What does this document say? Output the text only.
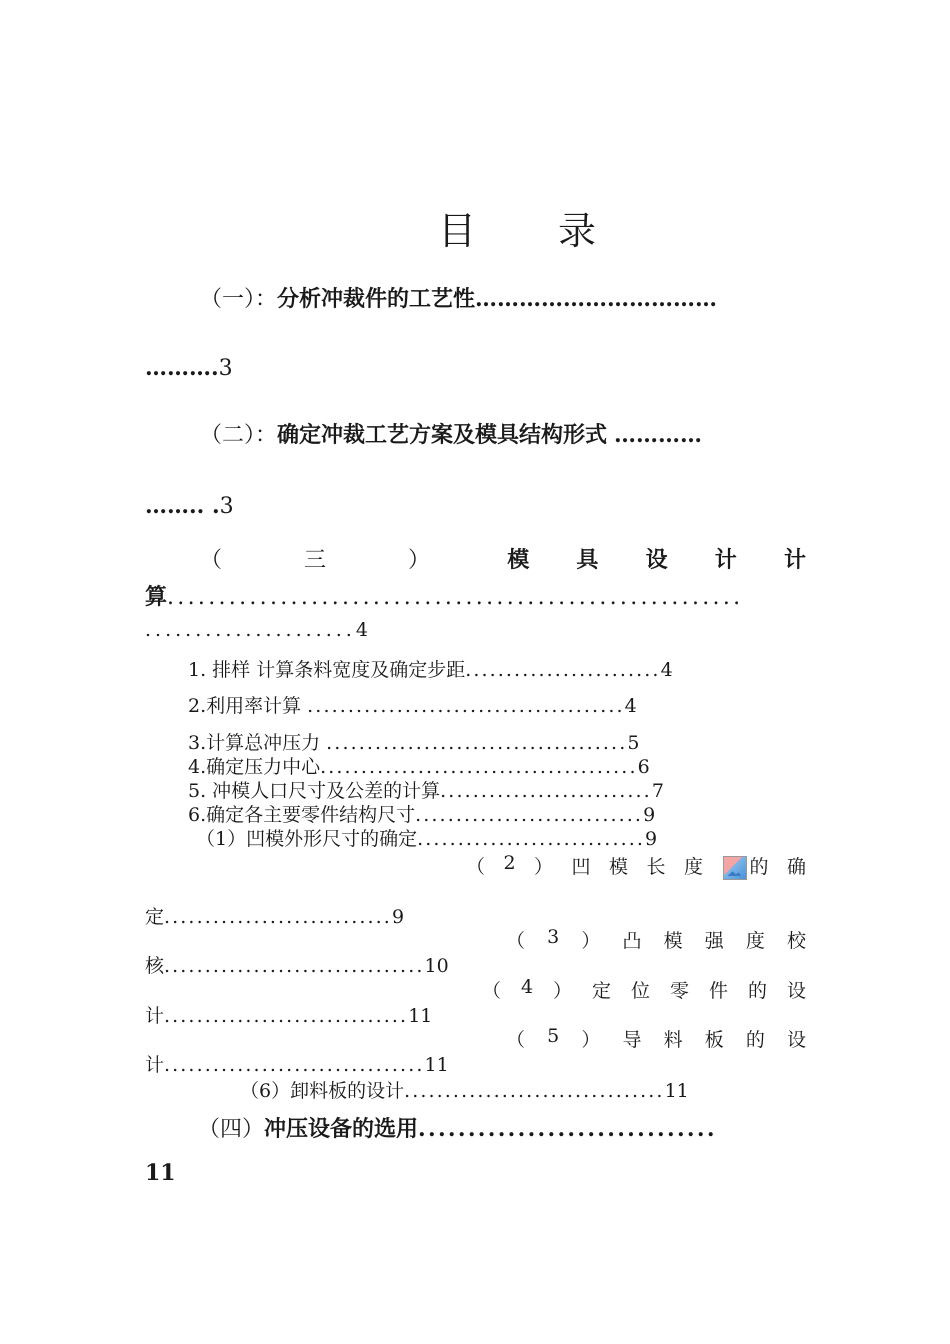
目　　录
（一）：分析冲裁件的工艺性……………………………
……….3
（二）：确定冲裁工艺方案及模具结构形式 …………
…….. .3
（　三　） 模 具 设 计 计
算........................................................
.....................4
1. 排样 计算条料宽度及确定步距........................4
2.利用率计算 .......................................4
3.计算总冲压力 .....................................5
4.确定压力中心.......................................6
5. 冲模人口尺寸及公差的计算..........................7
6.确定各主要零件结构尺寸............................9
（1）凹模外形尺寸的确定............................9
（ 2 ） 凹 模 长 度	的 确
定............................9
（ 3 ） 凸 模 强 度 校
核................................10
（ 4 ） 定 位 零 件 的 设
计..............................11
（ 5 ） 导 料 板 的 设
计................................11
（6）卸料板的设计................................11
（四）冲压设备的选用..............................
11
